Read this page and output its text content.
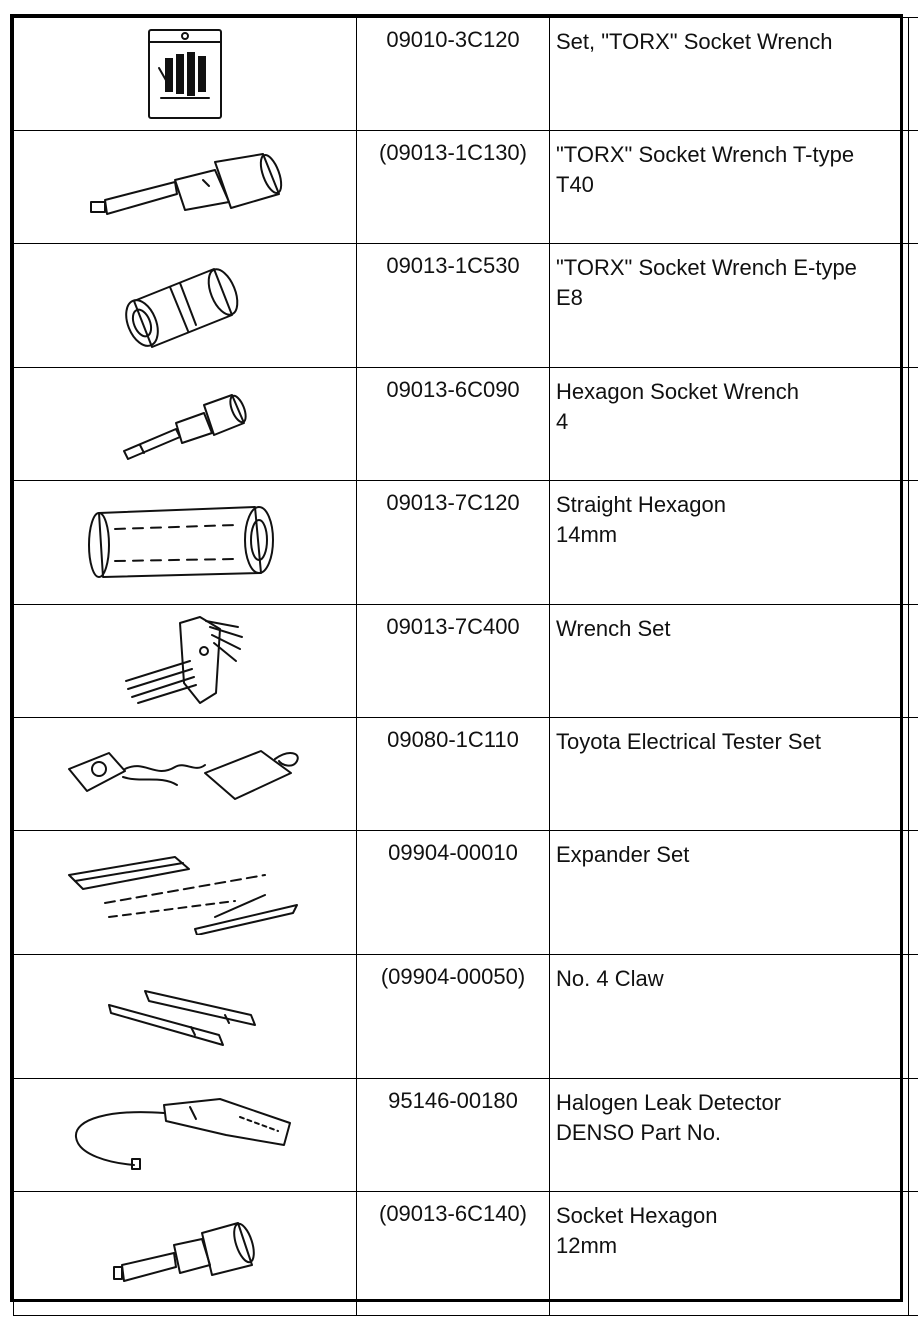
	09010-3C120	Set, "TORX" Socket Wrench	

	(09013-1C130)	"TORX" Socket Wrench T-type
T40	

	09013-1C530	"TORX" Socket Wrench E-type
E8	

	09013-6C090	Hexagon Socket Wrench
4	

	09013-7C120	Straight Hexagon
14mm	

	09013-7C400	Wrench Set	

	09080-1C110	Toyota Electrical Tester Set	

	09904-00010	Expander Set	

	(09904-00050)	No. 4 Claw	

	95146-00180	Halogen Leak Detector
DENSO Part No.	

	(09013-6C140)	Socket Hexagon
12mm	
